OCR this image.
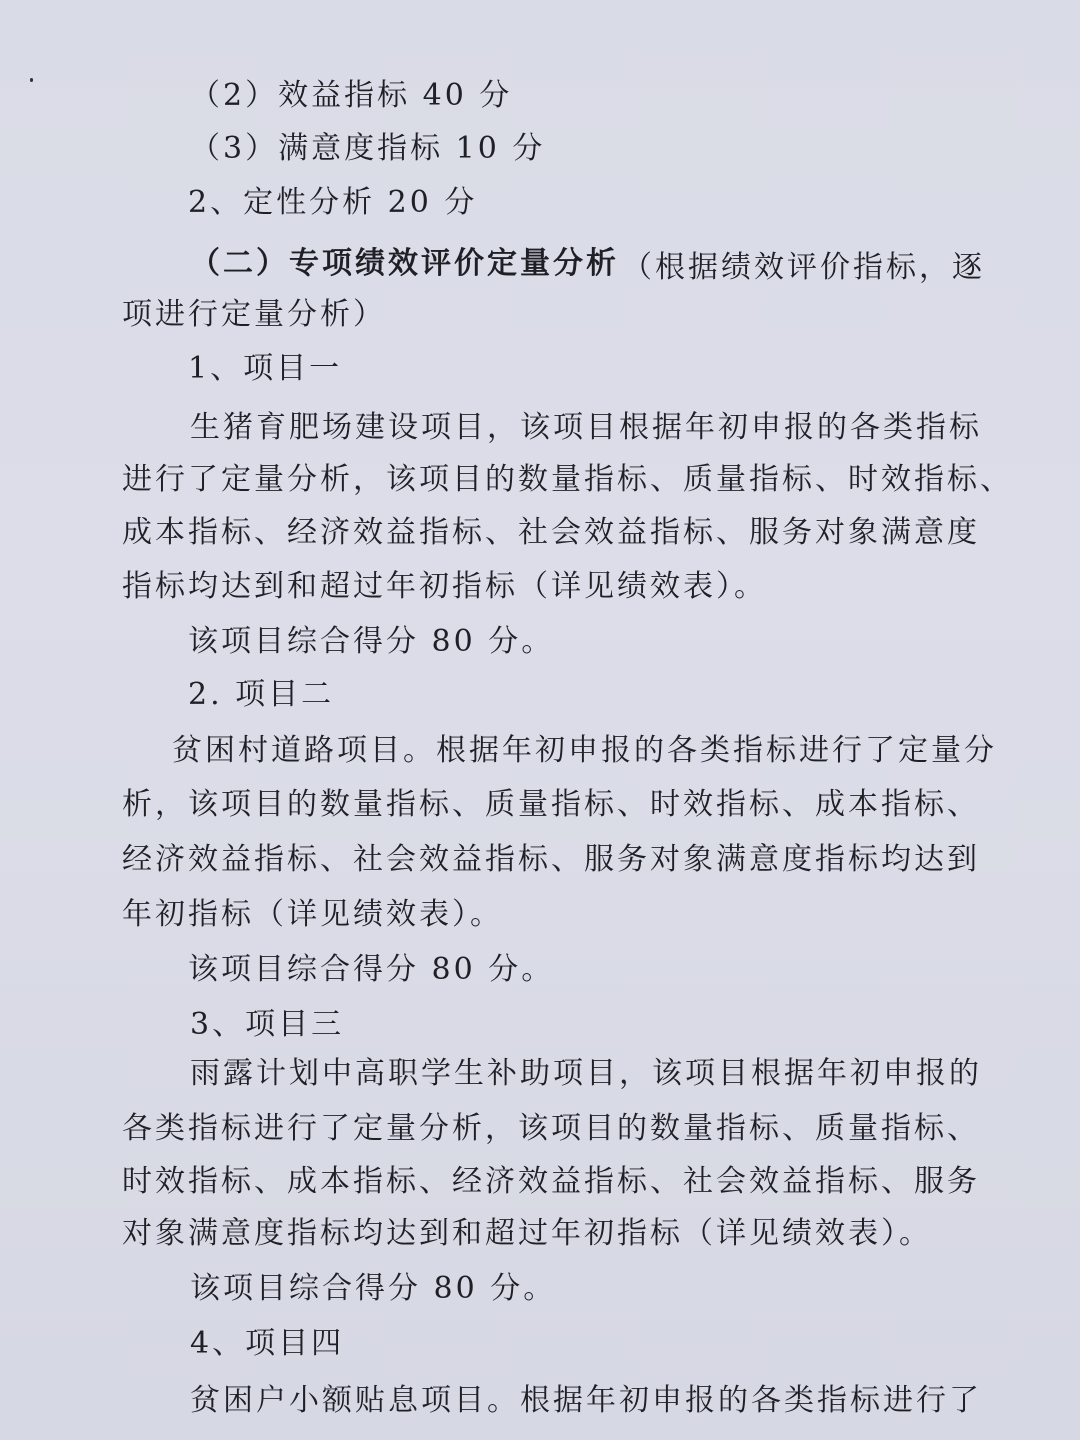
（2）效益指标 40 分
（3）满意度指标 10 分
2、定性分析 20 分
（二）专项绩效评价定量分析 （根据绩效评价指标，逐
项进行定量分析）
1、项目一
生猪育肥场建设项目，该项目根据年初申报的各类指标
进行了定量分析，该项目的数量指标、质量指标、时效指标、
成本指标、经济效益指标、社会效益指标、服务对象满意度
指标均达到和超过年初指标（详见绩效表）。
该项目综合得分 80 分。
2. 项目二
贫困村道路项目。根据年初申报的各类指标进行了定量分
析，该项目的数量指标、质量指标、时效指标、成本指标、
经济效益指标、社会效益指标、服务对象满意度指标均达到
年初指标（详见绩效表）。
该项目综合得分 80 分。
3、项目三
雨露计划中高职学生补助项目，该项目根据年初申报的
各类指标进行了定量分析，该项目的数量指标、质量指标、
时效指标、成本指标、经济效益指标、社会效益指标、服务
对象满意度指标均达到和超过年初指标（详见绩效表）。
该项目综合得分 80 分。
4、项目四
贫困户小额贴息项目。根据年初申报的各类指标进行了
